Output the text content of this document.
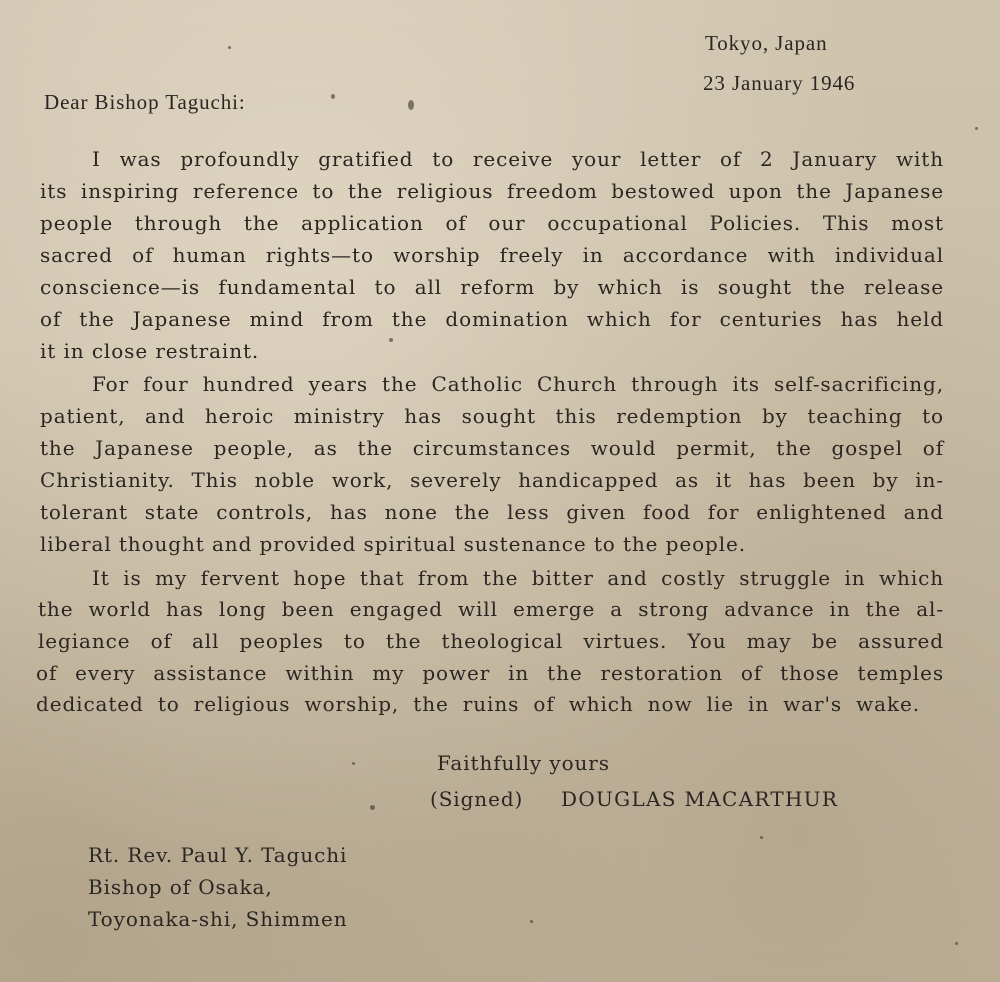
Tokyo, Japan
23 January 1946
Dear Bishop Taguchi:
I was profoundly gratified to receive your letter of 2 January with
its inspiring reference to the religious freedom bestowed upon the Japanese
people through the application of our occupational Policies. This most
sacred of human rights—to worship freely in accordance with individual
conscience—is fundamental to all reform by which is sought the release
of the Japanese mind from the domination which for centuries has held
it in close restraint.
For four hundred years the Catholic Church through its self-sacrificing,
patient, and heroic ministry has sought this redemption by teaching to
the Japanese people, as the circumstances would permit, the gospel of
Christianity. This noble work, severely handicapped as it has been by in-
tolerant state controls, has none the less given food for enlightened and
liberal thought and provided spiritual sustenance to the people.
It is my fervent hope that from the bitter and costly struggle in which
the world has long been engaged will emerge a strong advance in the al-
legiance of all peoples to the theological virtues. You may be assured
of every assistance within my power in the restoration of those temples
dedicated to religious worship, the ruins of which now lie in war's wake.
Faithfully yours
(Signed) DOUGLAS MACARTHUR
Rt. Rev. Paul Y. Taguchi
Bishop of Osaka,
Toyonaka-shi, Shimmen
